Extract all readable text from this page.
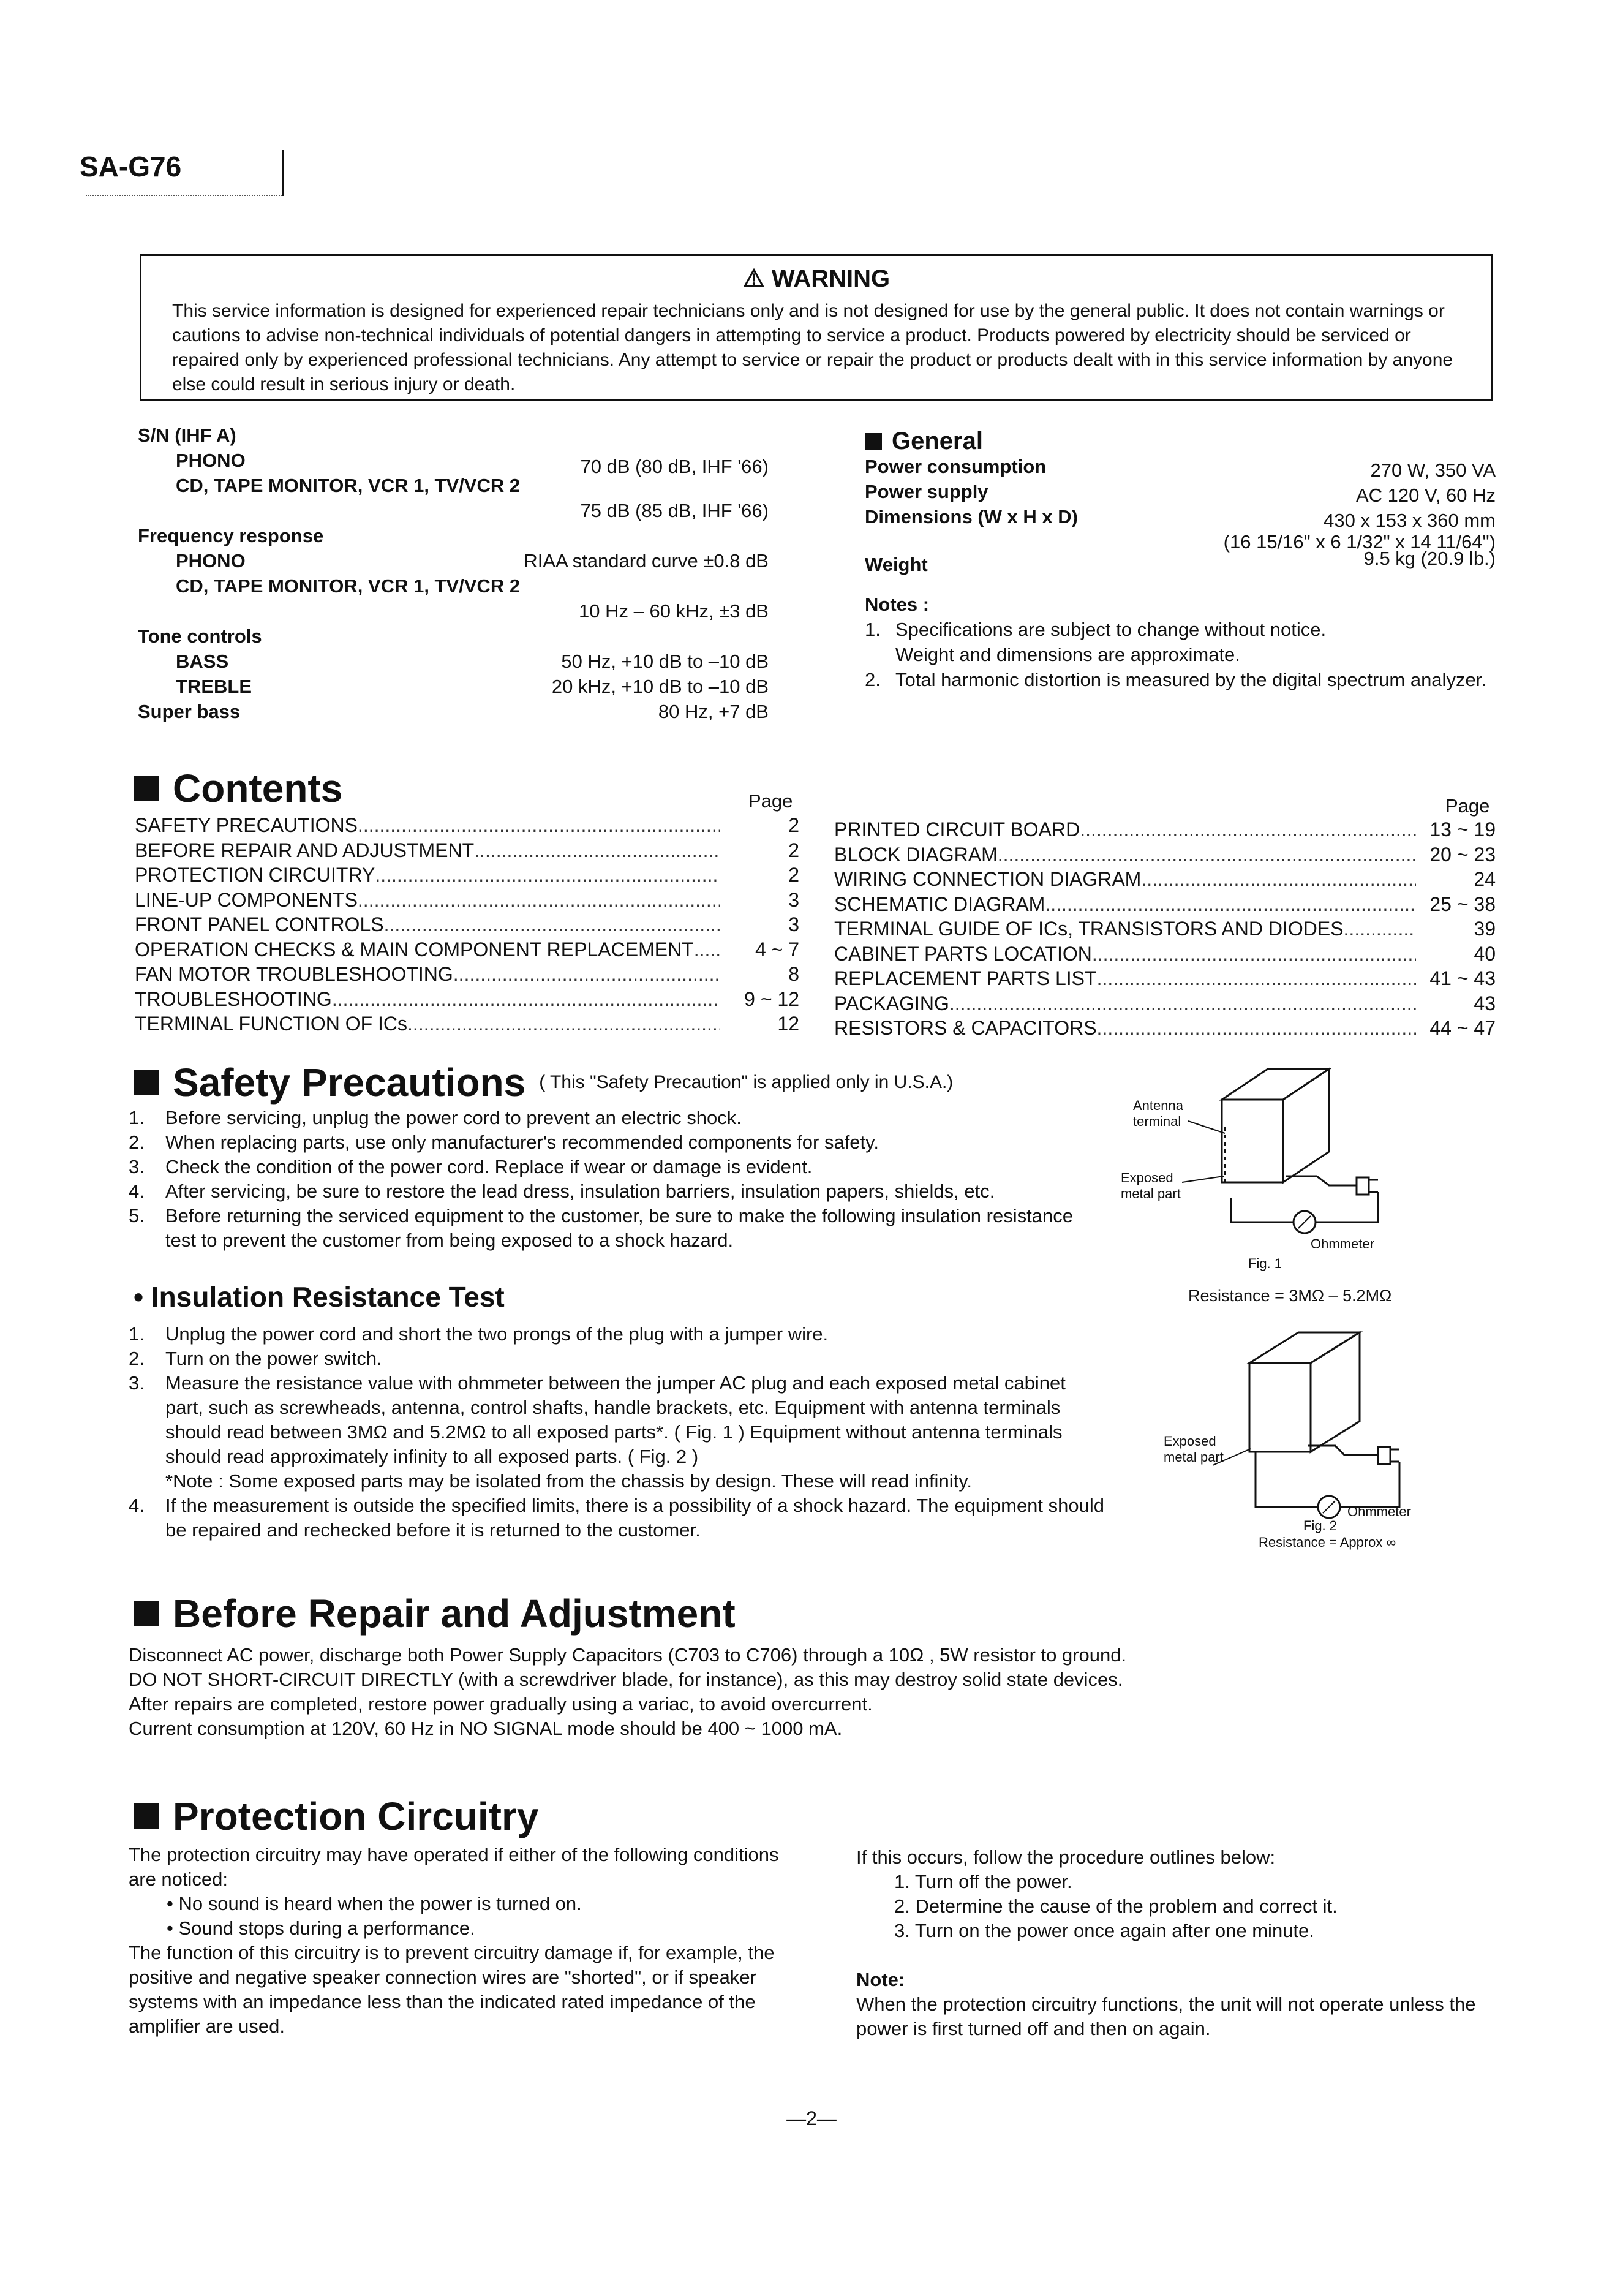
SA-G76
⚠ WARNING
This service information is designed for experienced repair technicians only and is not designed for use by the general public. It does not contain warnings or cautions to advise non-technical individuals of potential dangers in attempting to service a product. Products powered by electricity should be serviced or repaired only by experienced professional technicians. Any attempt to service or repair the product or products dealt with in this service information by anyone else could result in serious injury or death.
S/N (IHF A)
PHONO	70 dB (80 dB, IHF '66)
CD, TAPE MONITOR, VCR 1, TV/VCR 2
75 dB (85 dB, IHF '66)
Frequency response
PHONO	RIAA standard curve ±0.8 dB
CD, TAPE MONITOR, VCR 1, TV/VCR 2
10 Hz – 60 kHz, ±3 dB
Tone controls
BASS	50 Hz, +10 dB to –10 dB
TREBLE	20 kHz, +10 dB to –10 dB
Super bass	80 Hz, +7 dB
General
Power consumption	270 W, 350 VA
Power supply	AC 120 V, 60 Hz
Dimensions (W x H x D)	430 x 153 x 360 mm
(16 15/16" x 6 1/32" x 14 11/64")
Weight	9.5 kg (20.9 lb.)
Notes :
1. Specifications are subject to change without notice.
Weight and dimensions are approximate.
2. Total harmonic distortion is measured by the digital spectrum analyzer.
Contents	Page	Page
SAFETY PRECAUTIONS .....	2
BEFORE REPAIR AND ADJUSTMENT .....	2
PROTECTION CIRCUITRY .....	2
LINE-UP COMPONENTS .....	3
FRONT PANEL CONTROLS .....	3
OPERATION CHECKS & MAIN COMPONENT REPLACEMENT .....	4 ~ 7
FAN MOTOR TROUBLESHOOTING .....	8
TROUBLESHOOTING .....	9 ~ 12
TERMINAL FUNCTION OF ICs .....	12
PRINTED CIRCUIT BOARD .....	13 ~ 19
BLOCK DIAGRAM .....	20 ~ 23
WIRING CONNECTION DIAGRAM .....	24
SCHEMATIC DIAGRAM .....	25 ~ 38
TERMINAL GUIDE OF ICs, TRANSISTORS AND DIODES .....	39
CABINET PARTS LOCATION .....	40
REPLACEMENT PARTS LIST .....	41 ~ 43
PACKAGING .....	43
RESISTORS & CAPACITORS .....	44 ~ 47
Safety Precautions ( This "Safety Precaution" is applied only in U.S.A.)
1.	Before servicing, unplug the power cord to prevent an electric shock.
2.	When replacing parts, use only manufacturer's recommended components for safety.
3.	Check the condition of the power cord. Replace if wear or damage is evident.
4.	After servicing, be sure to restore the lead dress, insulation barriers, insulation papers, shields, etc.
5.	Before returning the serviced equipment to the customer, be sure to make the following insulation resistance test to prevent the customer from being exposed to a shock hazard.
Antenna terminal
Exposed metal part
Ohmmeter
Fig. 1
Resistance = 3MΩ – 5.2MΩ
• Insulation Resistance Test
1.	Unplug the power cord and short the two prongs of the plug with a jumper wire.
2.	Turn on the power switch.
3.	Measure the resistance value with ohmmeter between the jumper AC plug and each exposed metal cabinet part, such as screwheads, antenna, control shafts, handle brackets, etc. Equipment with antenna terminals should read between 3MΩ and 5.2MΩ to all exposed parts*. ( Fig. 1 ) Equipment without antenna terminals should read approximately infinity to all exposed parts. ( Fig. 2 )
*Note : Some exposed parts may be isolated from the chassis by design. These will read infinity.
4.	If the measurement is outside the specified limits, there is a possibility of a shock hazard. The equipment should be repaired and rechecked before it is returned to the customer.
Exposed metal part
Ohmmeter
Fig. 2
Resistance = Approx ∞
Before Repair and Adjustment
Disconnect AC power, discharge both Power Supply Capacitors (C703 to C706) through a 10Ω , 5W resistor to ground.
DO NOT SHORT-CIRCUIT DIRECTLY (with a screwdriver blade, for instance), as this may destroy solid state devices.
After repairs are completed, restore power gradually using a variac, to avoid overcurrent.
Current consumption at 120V, 60 Hz in NO SIGNAL mode should be 400 ~ 1000 mA.
Protection Circuitry
The protection circuitry may have operated if either of the following conditions are noticed:
• No sound is heard when the power is turned on.
• Sound stops during a performance.
The function of this circuitry is to prevent circuitry damage if, for example, the positive and negative speaker connection wires are "shorted", or if speaker systems with an impedance less than the indicated rated impedance of the amplifier are used.
If this occurs, follow the procedure outlines below:
1. Turn off the power.
2. Determine the cause of the problem and correct it.
3. Turn on the power once again after one minute.
Note:
When the protection circuitry functions, the unit will not operate unless the power is first turned off and then on again.
—2—
